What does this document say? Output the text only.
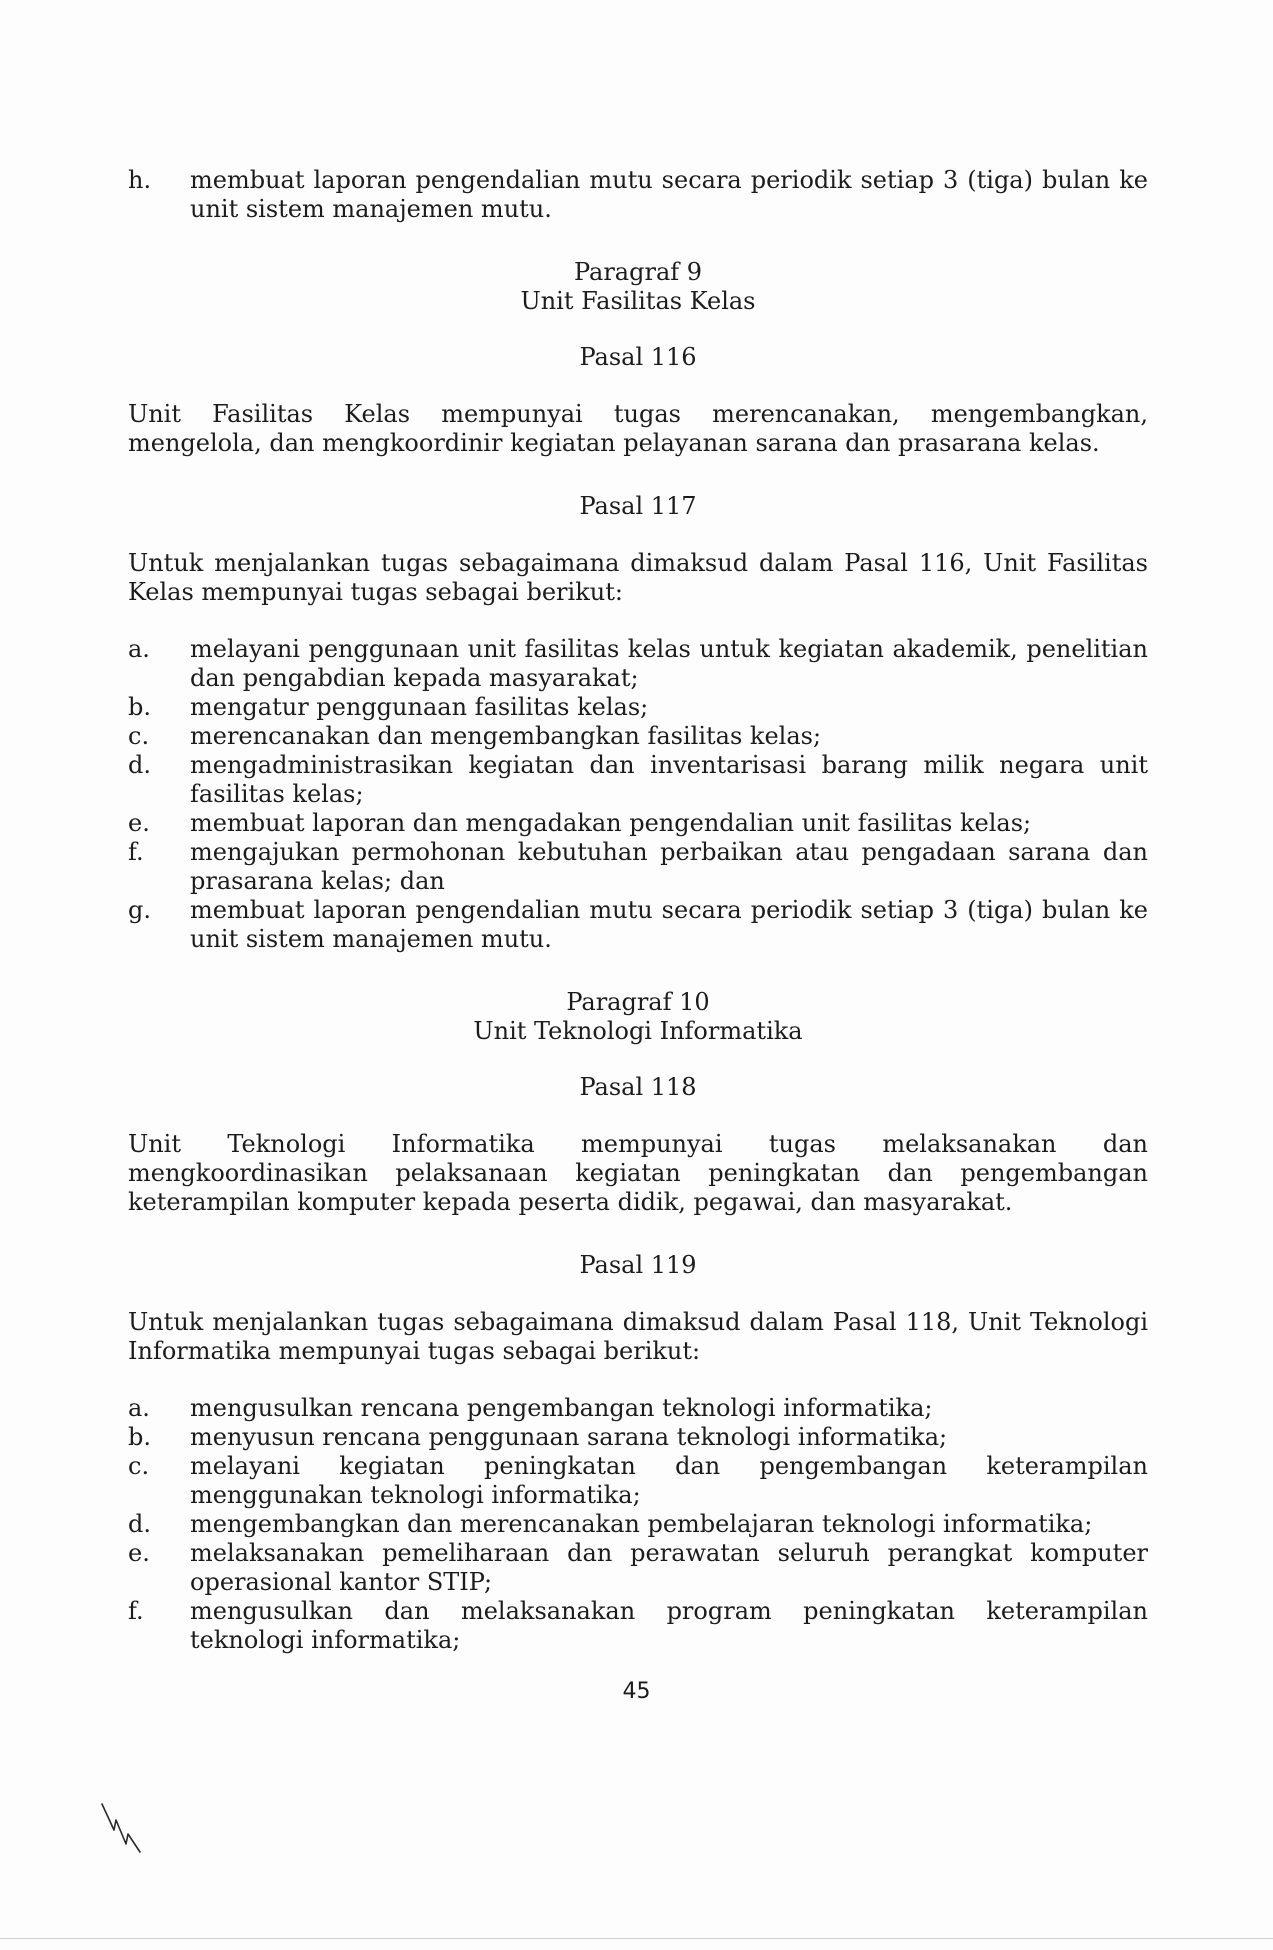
h.	membuat laporan pengendalian mutu secara periodik setiap 3 (tiga) bulan ke unit sistem manajemen mutu.
Paragraf 9
Unit Fasilitas Kelas
Pasal 116
Unit Fasilitas Kelas mempunyai tugas merencanakan, mengembangkan, mengelola, dan mengkoordinir kegiatan pelayanan sarana dan prasarana kelas.
Pasal 117
Untuk menjalankan tugas sebagaimana dimaksud dalam Pasal 116, Unit Fasilitas Kelas mempunyai tugas sebagai berikut:
a.	melayani penggunaan unit fasilitas kelas untuk kegiatan akademik, penelitian dan pengabdian kepada masyarakat;
b.	mengatur penggunaan fasilitas kelas;
c.	merencanakan dan mengembangkan fasilitas kelas;
d.	mengadministrasikan kegiatan dan inventarisasi barang milik negara unit fasilitas kelas;
e.	membuat laporan dan mengadakan pengendalian unit fasilitas kelas;
f.	mengajukan permohonan kebutuhan perbaikan atau pengadaan sarana dan prasarana kelas; dan
g.	membuat laporan pengendalian mutu secara periodik setiap 3 (tiga) bulan ke unit sistem manajemen mutu.
Paragraf 10
Unit Teknologi Informatika
Pasal 118
Unit Teknologi Informatika mempunyai tugas melaksanakan dan mengkoordinasikan pelaksanaan kegiatan peningkatan dan pengembangan keterampilan komputer kepada peserta didik, pegawai, dan masyarakat.
Pasal 119
Untuk menjalankan tugas sebagaimana dimaksud dalam Pasal 118, Unit Teknologi Informatika mempunyai tugas sebagai berikut:
a.	mengusulkan rencana pengembangan teknologi informatika;
b.	menyusun rencana penggunaan sarana teknologi informatika;
c.	melayani kegiatan peningkatan dan pengembangan keterampilan menggunakan teknologi informatika;
d.	mengembangkan dan merencanakan pembelajaran teknologi informatika;
e.	melaksanakan pemeliharaan dan perawatan seluruh perangkat komputer operasional kantor STIP;
f.	mengusulkan dan melaksanakan program peningkatan keterampilan teknologi informatika;
45
